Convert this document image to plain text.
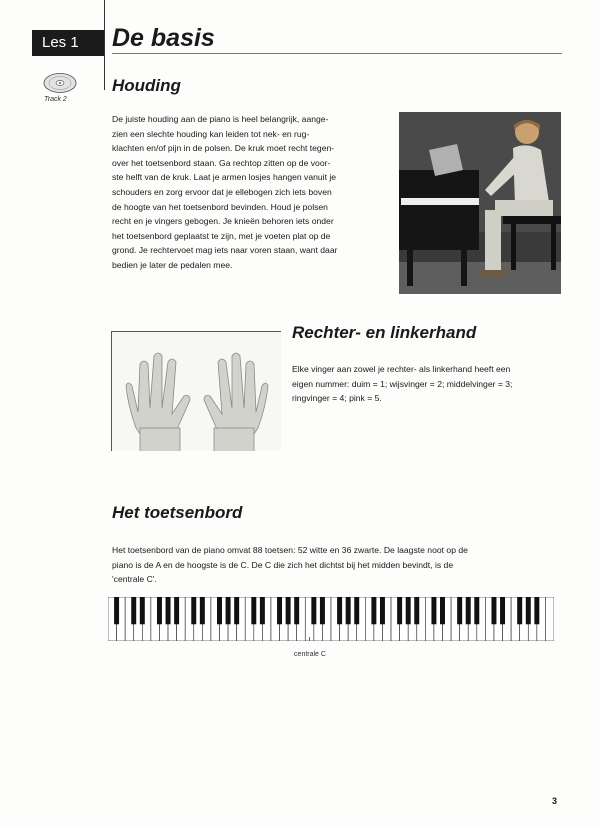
Les 1	De basis
Track 2
Houding

De juiste houding aan de piano is heel belangrijk, aange-
zien een slechte houding kan leiden tot nek- en rug-
klachten en/of pijn in de polsen. De kruk moet recht tegen-
over het toetsenbord staan. Ga rechtop zitten op de voor-
ste helft van de kruk. Laat je armen losjes hangen vanuit je
schouders en zorg ervoor dat je ellebogen zich iets boven
de hoogte van het toetsenbord bevinden. Houd je polsen
recht en je vingers gebogen. Je knieën behoren iets onder
het toetsenbord geplaatst te zijn, met je voeten plat op de
grond. Je rechtervoet mag iets naar voren staan, want daar
bedien je later de pedalen mee.

Rechter- en linkerhand

Elke vinger aan zowel je rechter- als linkerhand heeft een
eigen nummer: duim = 1; wijsvinger = 2; middelvinger = 3;
ringvinger = 4; pink = 5.

Het toetsenbord

Het toetsenbord van de piano omvat 88 toetsen: 52 witte en 36 zwarte. De laagste noot op de
piano is de A en de hoogste is de C. De C die zich het dichtst bij het midden bevindt, is de
'centrale C'.

centrale C
3
